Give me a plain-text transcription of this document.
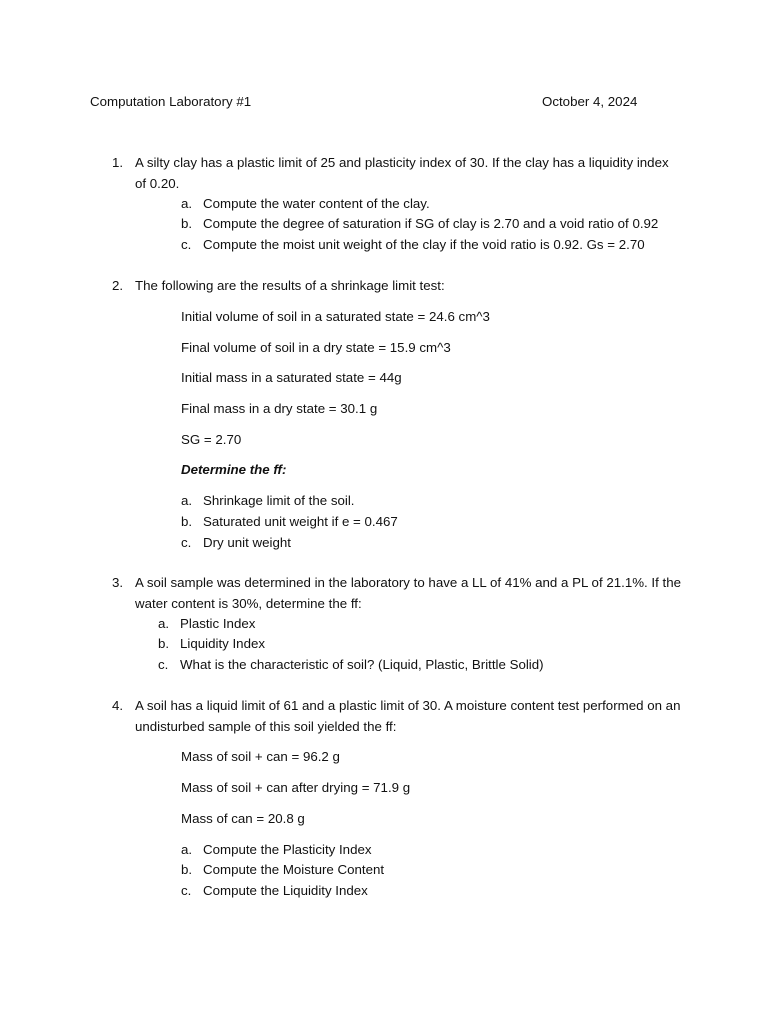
Computation Laboratory #1	October 4, 2024
1. A silty clay has a plastic limit of 25 and plasticity index of 30. If the clay has a liquidity index of 0.20.
a. Compute the water content of the clay.
b. Compute the degree of saturation if SG of clay is 2.70 and a void ratio of 0.92
c. Compute the moist unit weight of the clay if the void ratio is 0.92. Gs = 2.70
2. The following are the results of a shrinkage limit test:
Initial volume of soil in a saturated state = 24.6 cm^3
Final volume of soil in a dry state = 15.9 cm^3
Initial mass in a saturated state = 44g
Final mass in a dry state = 30.1 g
SG = 2.70
Determine the ff:
a. Shrinkage limit of the soil.
b. Saturated unit weight if e = 0.467
c. Dry unit weight
3. A soil sample was determined in the laboratory to have a LL of 41% and a PL of 21.1%. If the water content is 30%, determine the ff:
a. Plastic Index
b. Liquidity Index
c. What is the characteristic of soil? (Liquid, Plastic, Brittle Solid)
4. A soil has a liquid limit of 61 and a plastic limit of 30. A moisture content test performed on an undisturbed sample of this soil yielded the ff:
Mass of soil + can = 96.2 g
Mass of soil + can after drying = 71.9 g
Mass of can = 20.8 g
a. Compute the Plasticity Index
b. Compute the Moisture Content
c. Compute the Liquidity Index
